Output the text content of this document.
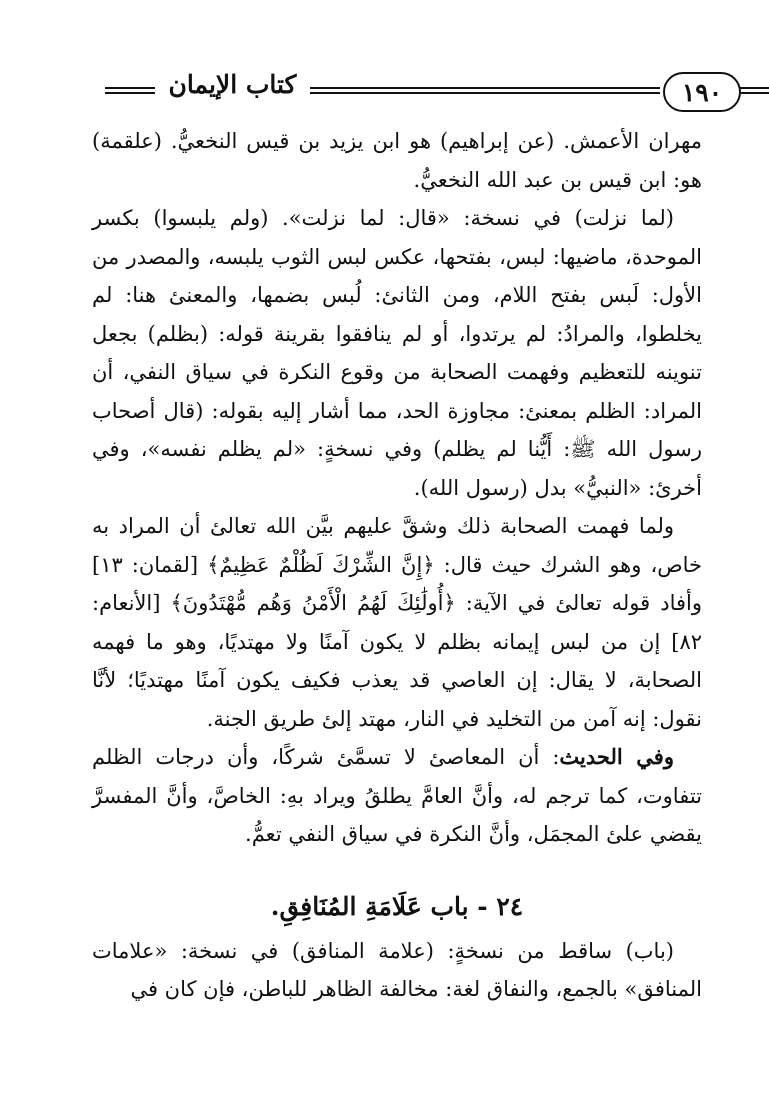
كتاب الإيمان	١٩٠

مهران الأعمش. (عن إبراهيم) هو ابن يزيد بن قيس النخعيُّ. (علقمة) هو: ابن قيس بن عبد الله النخعيُّ.

(لما نزلت) في نسخة: «قال: لما نزلت». (ولم يلبسوا) بكسر الموحدة، ماضيها: لبس، بفتحها، عكس لبس الثوب يلبسه، والمصدر من الأول: لَبس بفتح اللام، ومن الثانئ: لُبس بضمها، والمعنئ هنا: لم يخلطوا، والمرادُ: لم يرتدوا، أو لم ينافقوا بقرينة قوله: (بظلم) بجعل تنوينه للتعظيم وفهمت الصحابة من وقوع النكرة في سياق النفي، أن المراد: الظلم بمعنئ: مجاوزة الحد، مما أشار إليه بقوله: (قال أصحاب رسول الله ﷺ: أَيُّنا لم يظلم) وفي نسخةٍ: «لم يظلم نفسه»، وفي أخرئ: «النبيُّ» بدل (رسول الله).

ولما فهمت الصحابة ذلك وشقَّ عليهم بيَّن الله تعالئ أن المراد به خاص، وهو الشرك حيث قال: ﴿إِنَّ الشِّرْكَ لَظُلْمٌ عَظِيمٌ﴾ [لقمان: ١٣] وأفاد قوله تعالئ في الآية: ﴿أُولَٰئِكَ لَهُمُ الْأَمْنُ وَهُم مُّهْتَدُونَ﴾ [الأنعام: ٨٢] إن من لبس إيمانه بظلم لا يكون آمنًا ولا مهتديًا، وهو ما فهمه الصحابة، لا يقال: إن العاصي قد يعذب فكيف يكون آمنًا مهتديًا؛ لأنَّا نقول: إنه آمن من التخليد في النار، مهتد إلئ طريق الجنة.

وفي الحديث: أن المعاصئ لا تسمَّئ شركًا، وأن درجات الظلم تتفاوت، كما ترجم له، وأنَّ العامَّ يطلقُ ويراد بهِ: الخاصَّ، وأنَّ المفسرَّ يقضي علئ المجمَل، وأنَّ النكرة في سياق النفي تعمُّ.

٢٤ - باب عَلَامَةِ المُنَافِقِ.

(باب) ساقط من نسخةٍ: (علامة المنافق) في نسخة: «علامات المنافق» بالجمع، والنفاق لغة: مخالفة الظاهر للباطن، فإن كان في
